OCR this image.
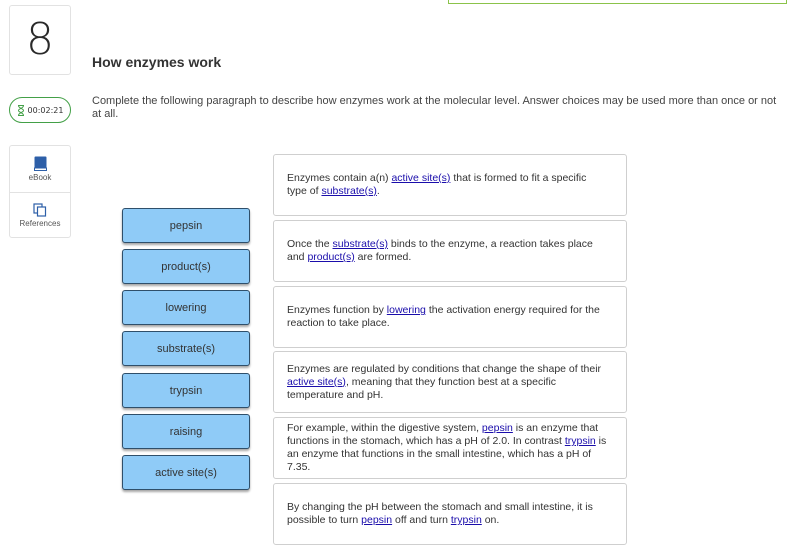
8
00:02:21
eBook
References
How enzymes work
Complete the following paragraph to describe how enzymes work at the molecular level. Answer choices may be used more than once or not at all.
pepsin
product(s)
lowering
substrate(s)
trypsin
raising
active site(s)

Enzymes contain a(n) active site(s) that is formed to fit a specific type of substrate(s).

Once the substrate(s) binds to the enzyme, a reaction takes place and product(s) are formed.

Enzymes function by lowering the activation energy required for the reaction to take place.

Enzymes are regulated by conditions that change the shape of their active site(s), meaning that they function best at a specific temperature and pH.

For example, within the digestive system, pepsin is an enzyme that functions in the stomach, which has a pH of 2.0. In contrast trypsin is an enzyme that functions in the small intestine, which has a pH of 7.35.

By changing the pH between the stomach and small intestine, it is possible to turn pepsin off and turn trypsin on.
